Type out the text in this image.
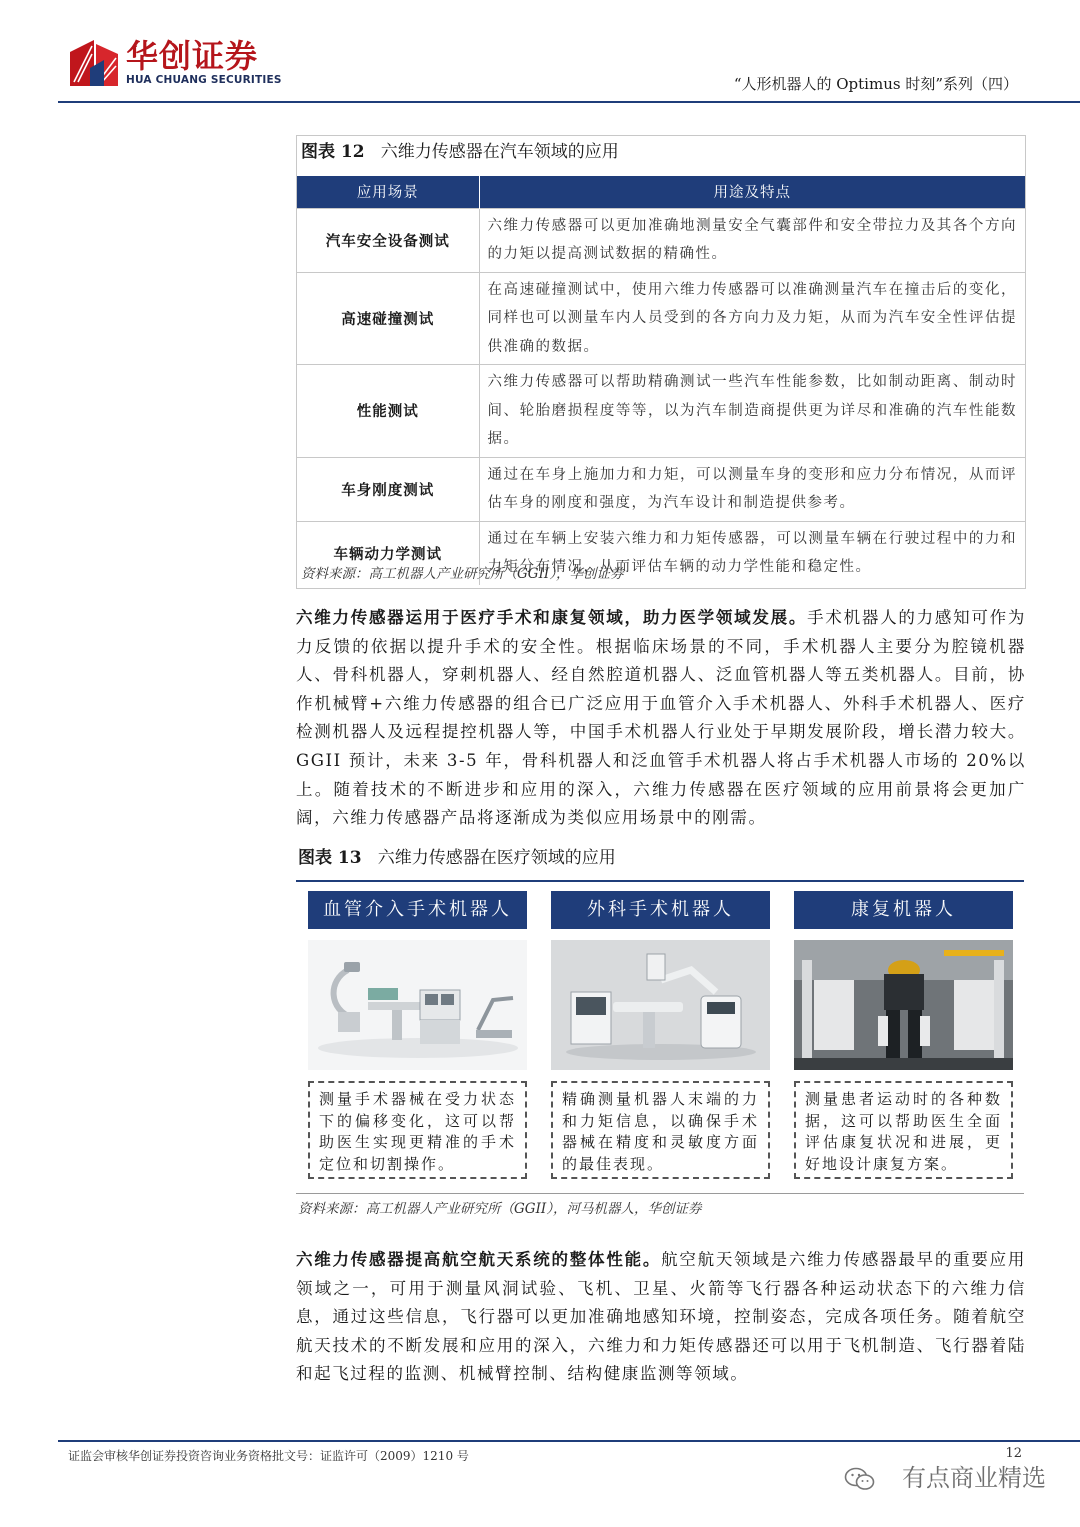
华创证券
HUA CHUANG SECURITIES	“人形机器人的 Optimus 时刻”系列（四）
图表 12 六维力传感器在汽车领域的应用
应用场景	用途及特点
汽车安全设备测试	六维力传感器可以更加准确地测量安全气囊部件和安全带拉力及其各个方向的力矩以提高测试数据的精确性。
高速碰撞测试	在高速碰撞测试中，使用六维力传感器可以准确测量汽车在撞击后的变化，同样也可以测量车内人员受到的各方向力及力矩，从而为汽车安全性评估提供准确的数据。
性能测试	六维力传感器可以帮助精确测试一些汽车性能参数，比如制动距离、制动时间、轮胎磨损程度等等，以为汽车制造商提供更为详尽和准确的汽车性能数据。
车身刚度测试	通过在车身上施加力和力矩，可以测量车身的变形和应力分布情况，从而评估车身的刚度和强度，为汽车设计和制造提供参考。
车辆动力学测试	通过在车辆上安装六维力和力矩传感器，可以测量车辆在行驶过程中的力和力矩分布情况，从而评估车辆的动力学性能和稳定性。
资料来源：高工机器人产业研究所（GGII），华创证券
六维力传感器运用于医疗手术和康复领域，助力医学领域发展。手术机器人的力感知可作为力反馈的依据以提升手术的安全性。根据临床场景的不同，手术机器人主要分为腔镜机器人、骨科机器人，穿刺机器人、经自然腔道机器人、泛血管机器人等五类机器人。目前，协作机械臂+六维力传感器的组合已广泛应用于血管介入手术机器人、外科手术机器人、医疗检测机器人及远程提控机器人等，中国手术机器人行业处于早期发展阶段，增长潜力较大。GGII 预计，未来 3-5 年，骨科机器人和泛血管手术机器人将占手术机器人市场的 20%以上。随着技术的不断进步和应用的深入，六维力传感器在医疗领域的应用前景将会更加广阔，六维力传感器产品将逐渐成为类似应用场景中的刚需。
图表 13 六维力传感器在医疗领域的应用
血管介入手术机器人
测量手术器械在受力状态下的偏移变化，这可以帮助医生实现更精准的手术定位和切割操作。
外科手术机器人
精确测量机器人末端的力和力矩信息，以确保手术器械在精度和灵敏度方面的最佳表现。
康复机器人
测量患者运动时的各种数据，这可以帮助医生全面评估康复状况和进展，更好地设计康复方案。
资料来源：高工机器人产业研究所（GGII），河马机器人，华创证券
六维力传感器提高航空航天系统的整体性能。航空航天领域是六维力传感器最早的重要应用领域之一，可用于测量风洞试验、飞机、卫星、火箭等飞行器各种运动状态下的六维力信息，通过这些信息，飞行器可以更加准确地感知环境，控制姿态，完成各项任务。随着航空航天技术的不断发展和应用的深入，六维力和力矩传感器还可以用于飞机制造、飞行器着陆和起飞过程的监测、机械臂控制、结构健康监测等领域。
证监会审核华创证券投资咨询业务资格批文号：证监许可（2009）1210 号	12
有点商业精选
